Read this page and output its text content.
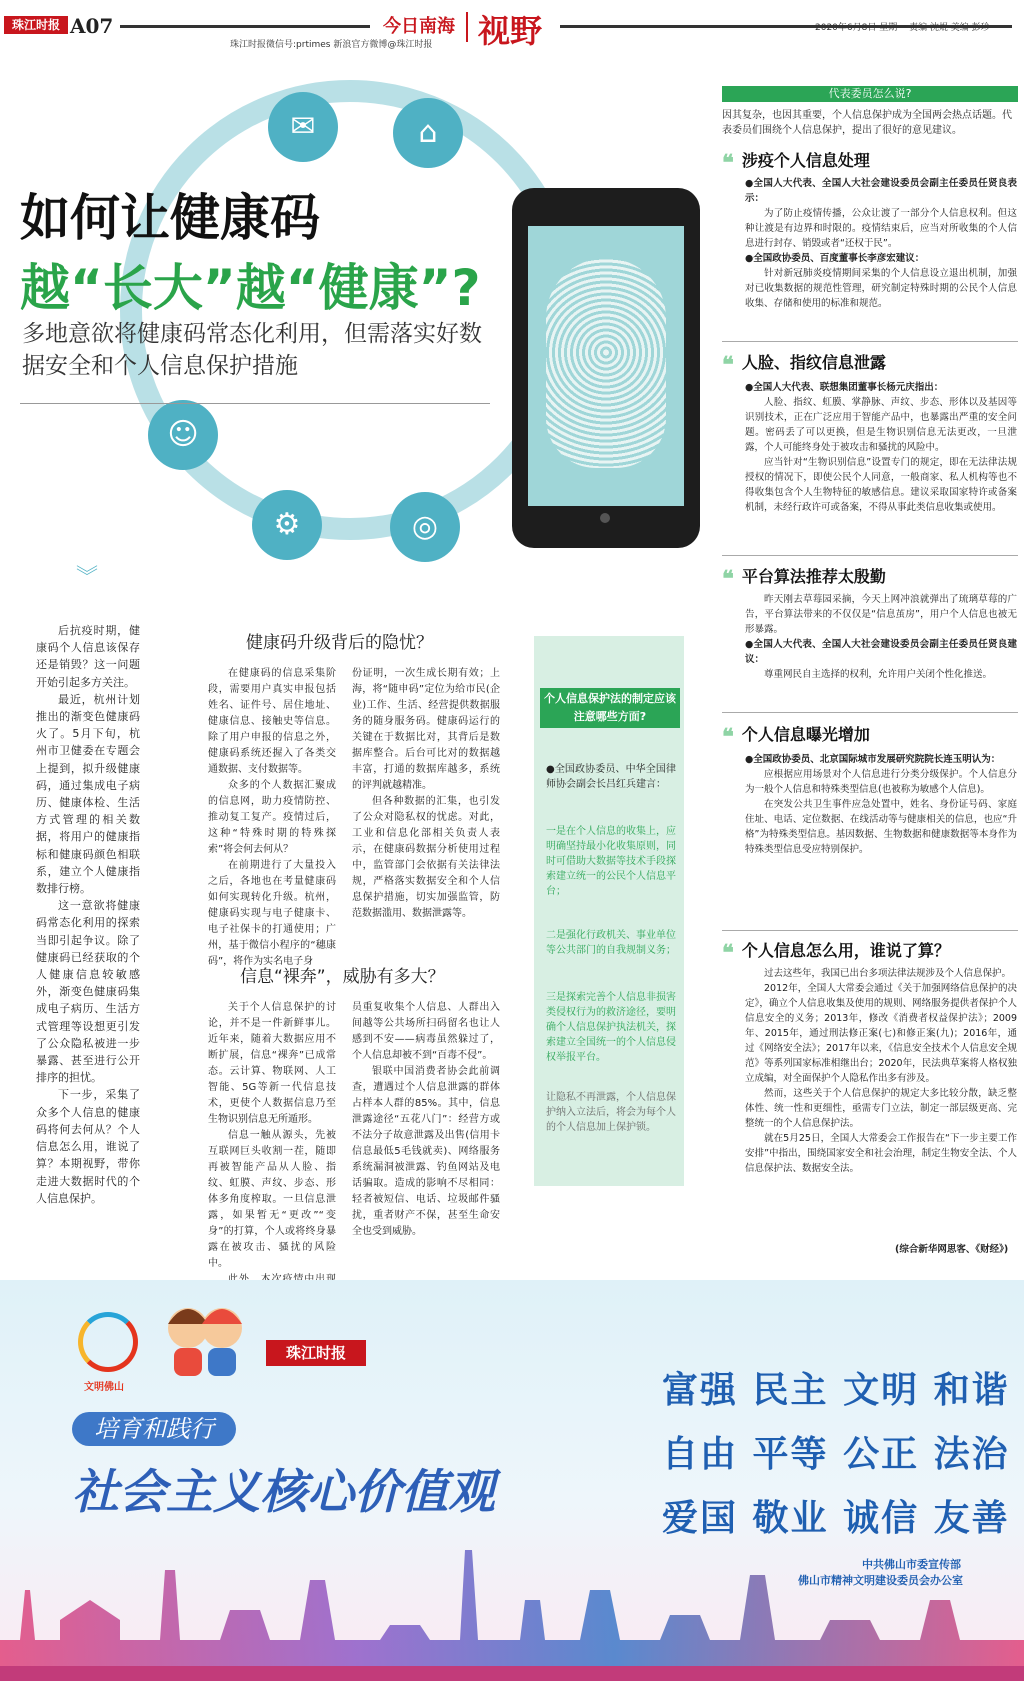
珠江时报 A07
珠江时报微信号:prtimes 新浪官方微博@珠江时报
今日南海 视野	2020年6月8日 星期一 责编 沈焜 美编 彭珍
✉	⌂
☺
⚙	◎
如何让健康码
越“长大”越“健康”?
多地意欲将健康码常态化利用，但需落实好数据安全和个人信息保护措施
︾

后抗疫时期，健康码个人信息该保存还是销毁？这一问题开始引起多方关注。

最近，杭州计划推出的渐变色健康码火了。5月下旬，杭州市卫健委在专题会上提到，拟升级健康码，通过集成电子病历、健康体检、生活方式管理的相关数据，将用户的健康指标和健康码颜色相联系，建立个人健康指数排行榜。

这一意欲将健康码常态化利用的探索当即引起争议。除了健康码已经获取的个人健康信息较敏感外，渐变色健康码集成电子病历、生活方式管理等设想更引发了公众隐私被进一步暴露、甚至进行公开排序的担忧。

下一步，采集了众多个人信息的健康码将何去何从？个人信息怎么用，谁说了算？本期视野，带你走进大数据时代的个人信息保护。

健康码升级背后的隐忧？

在健康码的信息采集阶段，需要用户真实申报包括姓名、证件号、居住地址、健康信息、接触史等信息。除了用户申报的信息之外，健康码系统还握入了各类交通数据、支付数据等。

众多的个人数据汇聚成的信息网，助力疫情防控、推动复工复产。疫情过后，这种“特殊时期的特殊探索”将会何去何从？

在前期进行了大量投入之后，各地也在考量健康码如何实现转化升级。杭州，健康码实现与电子健康卡、电子社保卡的打通使用；广州，基于微信小程序的“穗康码”，将作为实名电子身

份证明，一次生成长期有效；上海，将“随申码”定位为给市民(企业)工作、生活、经营提供数据服务的随身服务码。健康码运行的关键在于数据比对，其背后是数据库整合。后台可比对的数据越丰富，打通的数据库越多，系统的评判就越精准。

但各种数据的汇集，也引发了公众对隐私权的忧虑。对此，工业和信息化部相关负责人表示，在健康码数据分析使用过程中，监管部门会依据有关法律法规，严格落实数据安全和个人信息保护措施，切实加强监管，防范数据滥用、数据泄露等。

信息“裸奔”，威胁有多大？

关于个人信息保护的讨论，并不是一件新鲜事儿。近年来，随着大数据应用不断扩展，信息“裸奔”已成常态。云计算、物联网、人工智能、5G等新一代信息技术，更使个人数据信息乃至生物识别信息无所遁形。

信息一触从源头，先被互联网巨头收割一茬，随即再被智能产品从人脸、指纹、虹膜、声纹、步态、形体多角度榨取。一旦信息泄露，如果暂无“更改”“变身”的打算，个人或将终身暴露在被攻击、骚扰的风险中。

员重复收集个人信息、人群出入间越等公共场所扫码留名也让人感到不安——病毒虽然躲过了，个人信息却被不到“百毒不侵”。

银联中国消费者协会此前调查，遭遇过个人信息泄露的群体占样本人群的85%。其中，信息泄露途径“五花八门”：经营方或不法分子故意泄露及出售(信用卡信息最低5毛钱就卖)、网络服务系统漏洞被泄露、钓鱼网站及电话骗取。造成的影响不尽相同：轻者被短信、电话、垃圾邮件骚扰，重者财产不保，甚至生命安全也受到威胁。

个人信息保护法的制定应该注意哪些方面?
●全国政协委员、中华全国律师协会副会长吕红兵建言：
一是在个人信息的收集上，应明确坚持最小化收集原则，同时可借助大数据等技术手段探索建立统一的公民个人信息平台；
二是强化行政机关、事业单位等公共部门的自我规制义务；
三是探索完善个人信息非损害类侵权行为的救济途径，要明确个人信息保护执法机关，探索建立全国统一的个人信息侵权举报平台。
让隐私不再泄露，个人信息保护纳入立法后，将会为每个人的个人信息加上保护锁。
代表委员怎么说?
因其复杂，也因其重要，个人信息保护成为全国两会热点话题。代表委员们围绕个人信息保护，提出了很好的意见建议。
❝ 涉疫个人信息处理

●全国人大代表、全国人大社会建设委员会副主任委员任贤良表示：

为了防止疫情传播，公众让渡了一部分个人信息权利。但这种让渡是有边界和时限的。疫情结束后，应当对所收集的个人信息进行封存、销毁或者“还权于民”。

●全国政协委员、百度董事长李彦宏建议：

针对新冠肺炎疫情期间采集的个人信息设立退出机制，加强对已收集数据的规范性管理，研究制定特殊时期的公民个人信息收集、存储和使用的标准和规范。

❝ 人脸、指纹信息泄露

●全国人大代表、联想集团董事长杨元庆指出：

人脸、指纹、虹膜、掌静脉、声纹、步态、形体以及基因等识别技术，正在广泛应用于智能产品中，也暴露出严重的安全问题。密码丢了可以更换，但是生物识别信息无法更改，一旦泄露，个人可能终身处于被攻击和骚扰的风险中。

应当针对“生物识别信息”设置专门的规定，即在无法律法规授权的情况下，即使公民个人同意，一般商家、私人机构等也不得收集包含个人生物特征的敏感信息。建议采取国家特许或备案机制，未经行政许可或备案，不得从事此类信息收集或使用。

❝ 平台算法推荐太殷勤

昨天刚去草莓园采摘，今天上网冲浪就弹出了琉璃草莓的广告，平台算法带来的不仅仅是“信息茧房”，用户个人信息也被无形暴露。

●全国人大代表、全国人大社会建设委员会副主任委员任贤良建议：

尊重网民自主选择的权利，允许用户关闭个性化推送。

❝ 个人信息曝光增加

●全国政协委员、北京国际城市发展研究院院长连玉明认为：

应根据应用场景对个人信息进行分类分级保护。个人信息分为一般个人信息和特殊类型信息(也被称为敏感个人信息)。

在突发公共卫生事件应急处置中，姓名、身份证号码、家庭住址、电话、定位数据、在线活动等与健康相关的信息，也应“升格”为特殊类型信息。基因数据、生物数据和健康数据等本身作为特殊类型信息受应特别保护。

❝ 个人信息怎么用，谁说了算？

过去这些年，我国已出台多项法律法规涉及个人信息保护。

2012年，全国人大常委会通过《关于加强网络信息保护的决定》，确立个人信息收集及使用的规则、网络服务提供者保护个人信息安全的义务；2013年，修改《消费者权益保护法》；2009年、2015年，通过刑法修正案(七)和修正案(九)；2016年，通过《网络安全法》；2017年以来，《信息安全技术个人信息安全规范》等系列国家标准相继出台；2020年，民法典草案将人格权独立成编，对全面保护个人隐私作出多有涉及。

然而，这些关于个人信息保护的规定大多比较分散，缺乏整体性、统一性和更细性，亟需专门立法，制定一部层级更高、完整统一的个人信息保护法。

就在5月25日，全国人大常委会工作报告在“下一步主要工作安排”中指出，围绕国家安全和社会治理，制定生物安全法、个人信息保护法、数据安全法。

(综合新华网思客、《财经》)
文明佛山
珠江时报
培育和践行
社会主义核心价值观
富强 民主 文明 和谐
自由 平等 公正 法治
爱国 敬业 诚信 友善
中共佛山市委宣传部
佛山市精神文明建设委员会办公室
